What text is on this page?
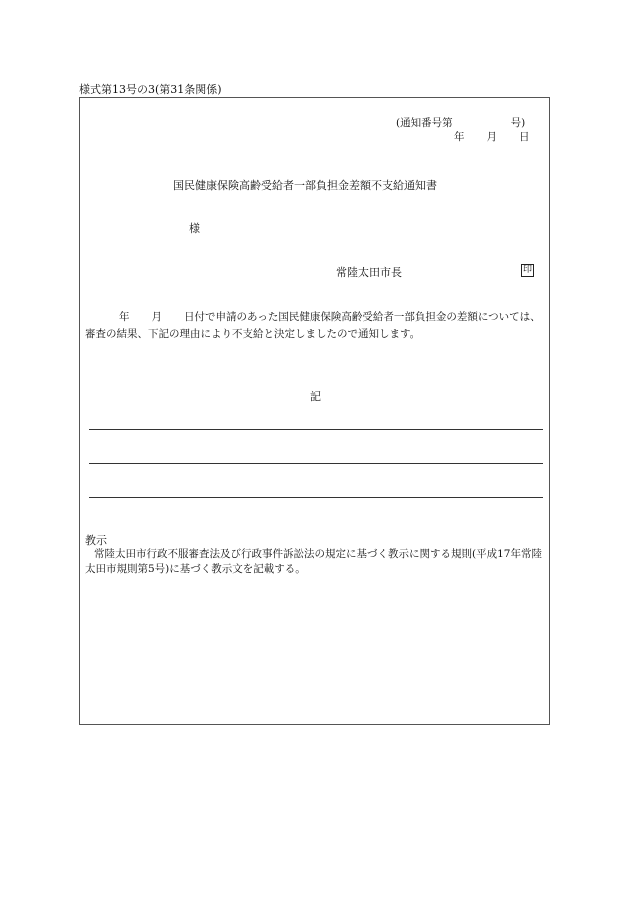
様式第13号の3(第31条関係)
(通知番号第	号)
年 月 日
国民健康保険高齢受給者一部負担金差額不支給通知書
様
常陸太田市長	印
年 月 日付で申請のあった国民健康保険高齢受給者一部負担金の差額については、審査の結果、下記の理由により不支給と決定しましたので通知します。
記
教示
常陸太田市行政不服審査法及び行政事件訴訟法の規定に基づく教示に関する規則(平成17年常陸太田市規則第5号)に基づく教示文を記載する。
